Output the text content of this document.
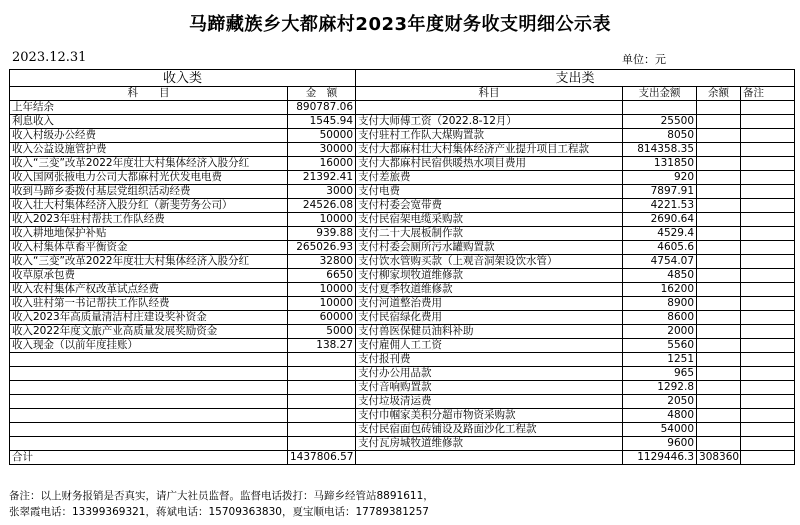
马蹄藏族乡大都麻村2023年度财务收支明细公示表
2023.12.31	单位：元
收入类		支出类			
科　　目	金　额	科目	支出金额	余额	备注
上年结余	890787.06				
利息收入	1545.94	支付大师傅工资（2022.8-12月）	25500		
收入村级办公经费	50000	支付驻村工作队大煤购置款	8050		
收入公益设施管护费	30000	支付大都麻村壮大村集体经济产业提升项目工程款	814358.35		
收入“三变”改革2022年度壮大村集体经济入股分红	16000	支付大都麻村民宿供暖热水项目费用	131850		
收入国网张掖电力公司大都麻村光伏发电电费	21392.41	支付差旅费	920		
收到马蹄乡委拨付基层党组织活动经费	3000	支付电费	7897.91		
收入壮大村集体经济入股分红（新斐劳务公司）	24526.08	支付村委会宽带费	4221.53		
收入2023年驻村帮扶工作队经费	10000	支付民宿架电缆采购款	2690.64		
收入耕地地保护补贴	939.88	支付二十大展板制作款	4529.4		
收入村集体草畜平衡资金	265026.93	支付村委会厕所污水罐购置款	4605.6		
收入“三变”改革2022年度壮大村集体经济入股分红	32800	支付饮水管购买款（上观音洞架设饮水管）	4754.07		
收草原承包费	6650	支付柳家坝牧道维修款	4850		
收入农村集体产权改革试点经费	10000	支付夏季牧道维修款	16200		
收入驻村第一书记帮扶工作队经费	10000	支付河道整治费用	8900		
收入2023年高质量清洁村庄建设奖补资金	60000	支付民宿绿化费用	8600		
收入2022年度文旅产业高质量发展奖励资金	5000	支付兽医保健员油料补助	2000		
收入现金（以前年度挂账）	138.27	支付雇佣人工工资	5560		
		支付报刊费	1251		
		支付办公用品款	965		
		支付音响购置款	1292.8		
		支付垃圾清运费	2050		
		支付巾帼家美积分超市物资采购款	4800		
		支付民宿面包砖铺设及路面沙化工程款	54000		
		支付瓦房城牧道维修款	9600		
合计	1437806.57		1129446.3	308360	
备注：以上财务报销是否真实，请广大社员监督。监督电话拨打：马蹄乡经管站8891611，
张翠霞电话：13399369321，蒋斌电话：15709363830，夏宝顺电话：17789381257
